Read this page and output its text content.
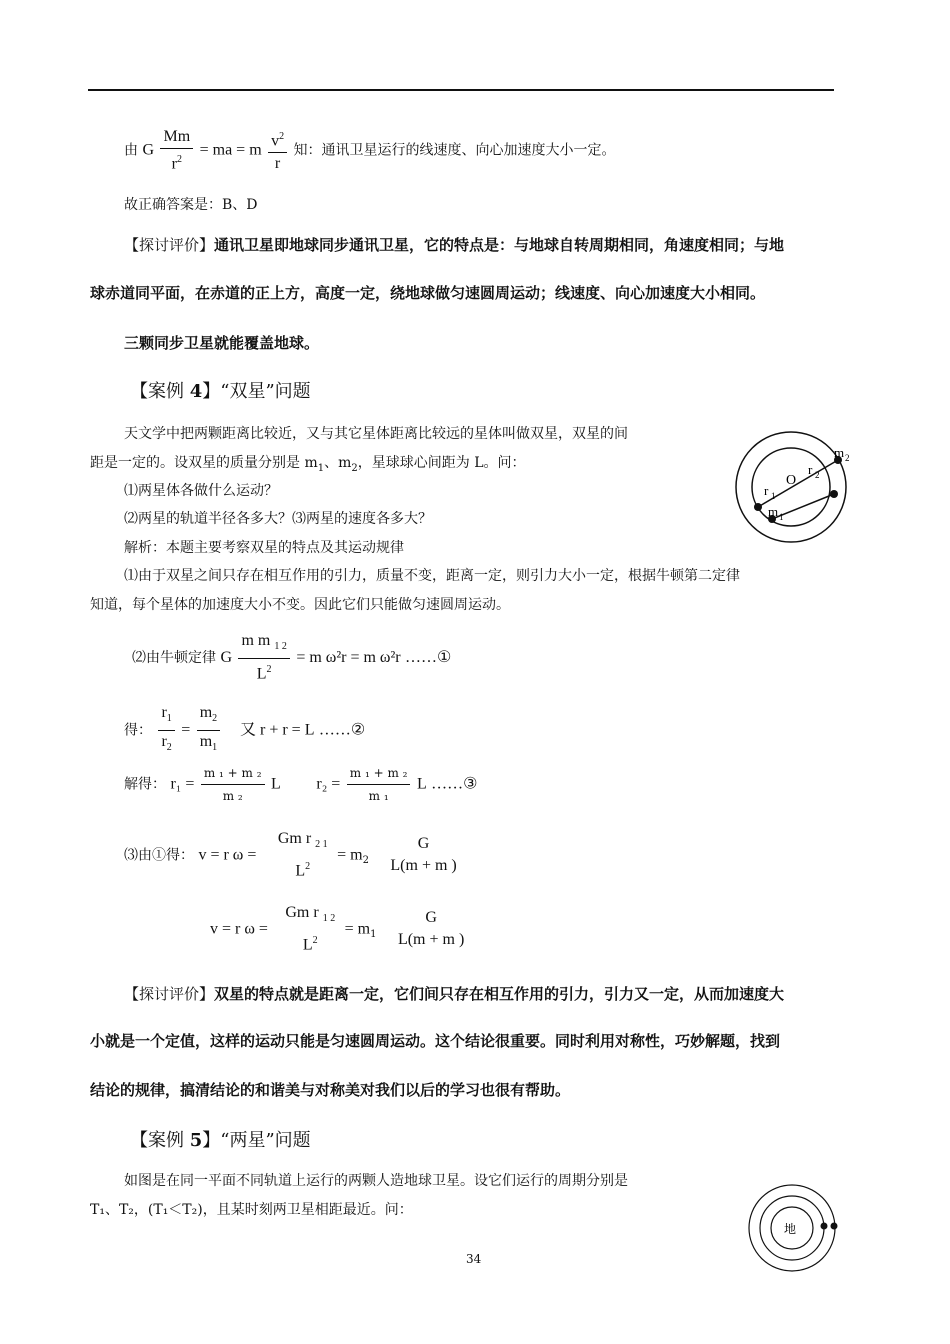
由 G $\frac{Mm}{r^2}$ = ma = m $\frac{v^2}{r}$ 知：通讯卫星运行的线速度、向心加速度大小一定。
故正确答案是：B、D
【探讨评价】通讯卫星即地球同步通讯卫星，它的特点是：与地球自转周期相同，角速度相同；与地
球赤道同平面，在赤道的正上方，高度一定，绕地球做匀速圆周运动；线速度、向心加速度大小相同。
三颗同步卫星就能覆盖地球。
【案例 4】“双星”问题
天文学中把两颗距离比较近，又与其它星体距离比较远的星体叫做双星，双星的间
距是一定的。设双星的质量分别是 $m_1$、$m_2$，星球球心间距为 L。问：
⑴两星体各做什么运动？
⑵两星的轨道半径各多大？⑶两星的速度各多大？
解析：本题主要考察双星的特点及其运动规律
⑴由于双星之间只存在相互作用的引力，质量不变，距离一定，则引力大小一定，根据牛顿第二定律
知道，每个星体的加速度大小不变。因此它们只能做匀速圆周运动。
O
m 2
r 2
r 1
m 1
⑵由牛顿定律 G $\frac{m m _{1 2}}{L^2} = m$ ω²r = m ω²r ……①
得： $\frac{r_1}{r_2} = \frac{m_2}{m_1}$ 又 r + r = L ……②
解得： $r_1 = \frac{\text{m ₁ + m ₂}}{\text{m ₂}}$ L $r_2 = \frac{\text{m ₁ + m ₂}}{\text{m ₁}}$ L ……③
⑶由①得： v = r ω =
Gm r $_{2 1}$
$L^2$
= $m_2$
G
L(m + m )
v = r ω =
Gm r $_{1 2}$
$L^2$
= $m_1$
G
L(m + m )
【探讨评价】双星的特点就是距离一定，它们间只存在相互作用的引力，引力又一定，从而加速度大
小就是一个定值，这样的运动只能是匀速圆周运动。这个结论很重要。同时利用对称性，巧妙解题，找到
结论的规律，搞清结论的和谐美与对称美对我们以后的学习也很有帮助。
【案例 5】“两星”问题
如图是在同一平面不同轨道上运行的两颗人造地球卫星。设它们运行的周期分别是
T₁、T₂，(T₁＜T₂)，且某时刻两卫星相距最近。问：
地
34
